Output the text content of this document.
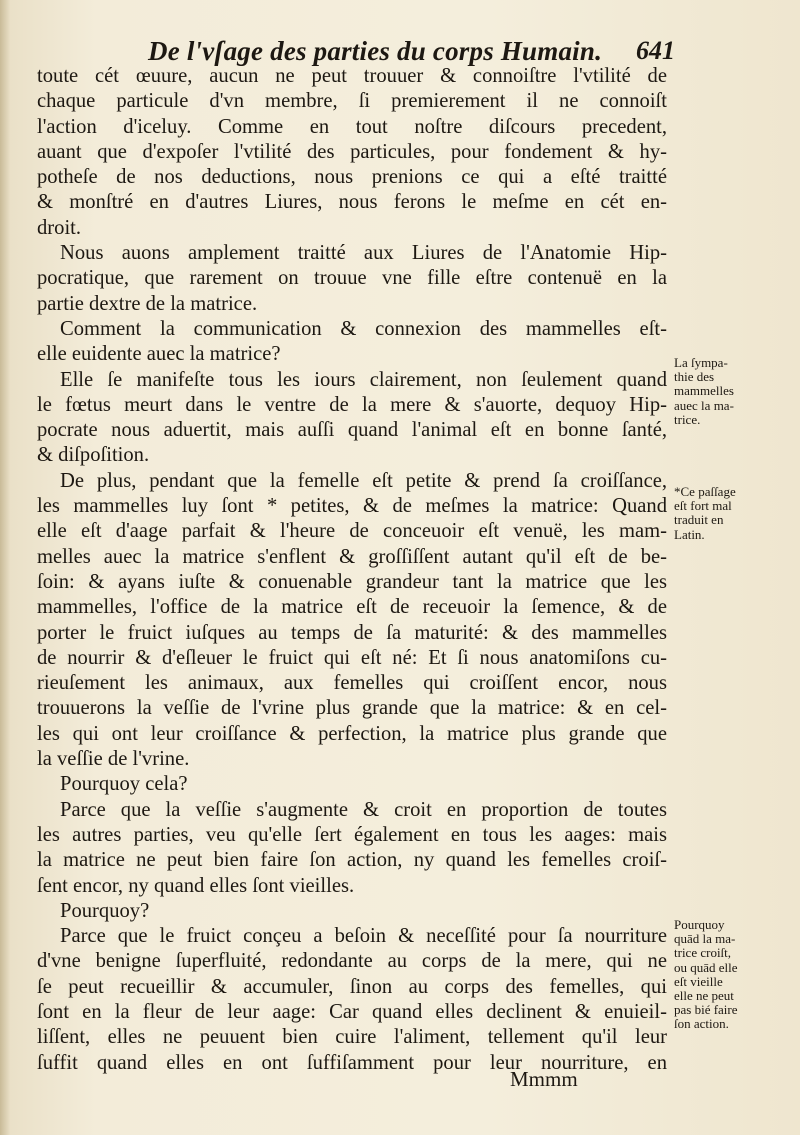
De l'vſage des parties du corps Humain. 641
toute cét œuure, aucun ne peut trouuer & connoiſtre l'vtilité de
chaque particule d'vn membre, ſi premierement il ne connoiſt
l'action d'iceluy. Comme en tout noſtre diſcours precedent,
auant que d'expoſer l'vtilité des particules, pour fondement & hy-
potheſe de nos deductions, nous prenions ce qui a eſté traitté
& monſtré en d'autres Liures, nous ferons le meſme en cét en-
droit.
Nous auons amplement traitté aux Liures de l'Anatomie Hip-
pocratique, que rarement on trouue vne fille eſtre contenuë en la
partie dextre de la matrice.
Comment la communication & connexion des mammelles eſt-
elle euidente auec la matrice?
Elle ſe manifeſte tous les iours clairement, non ſeulement quand
le fœtus meurt dans le ventre de la mere & s'auorte, dequoy Hip-
pocrate nous aduertit, mais auſſi quand l'animal eſt en bonne ſanté,
& diſpoſition.
De plus, pendant que la femelle eſt petite & prend ſa croiſſance,
les mammelles luy ſont * petites, & de meſmes la matrice: Quand
elle eſt d'aage parfait & l'heure de conceuoir eſt venuë, les mam-
melles auec la matrice s'enflent & groſſiſſent autant qu'il eſt de be-
ſoin: & ayans iuſte & conuenable grandeur tant la matrice que les
mammelles, l'office de la matrice eſt de receuoir la ſemence, & de
porter le fruict iuſques au temps de ſa maturité: & des mammelles
de nourrir & d'eſleuer le fruict qui eſt né: Et ſi nous anatomiſons cu-
rieuſement les animaux, aux femelles qui croiſſent encor, nous
trouuerons la veſſie de l'vrine plus grande que la matrice: & en cel-
les qui ont leur croiſſance & perfection, la matrice plus grande que
la veſſie de l'vrine.
Pourquoy cela?
Parce que la veſſie s'augmente & croit en proportion de toutes
les autres parties, veu qu'elle ſert également en tous les aages: mais
la matrice ne peut bien faire ſon action, ny quand les femelles croiſ-
ſent encor, ny quand elles ſont vieilles.
Pourquoy?
Parce que le fruict conçeu a beſoin & neceſſité pour ſa nourriture
d'vne benigne ſuperfluité, redondante au corps de la mere, qui ne
ſe peut recueillir & accumuler, ſinon au corps des femelles, qui
ſont en la fleur de leur aage: Car quand elles declinent & enuieil-
liſſent, elles ne peuuent bien cuire l'aliment, tellement qu'il leur
ſuffit quand elles en ont ſuffiſamment pour leur nourriture, en
La ſympa-
thie des
mammelles
auec la ma-
trice.
*Ce paſſage
eſt fort mal
traduit en
Latin.
Pourquoy
quād la ma-
trice croiſt,
ou quād elle
eſt vieille
elle ne peut
pas bié faire
ſon action.
Mmmm
